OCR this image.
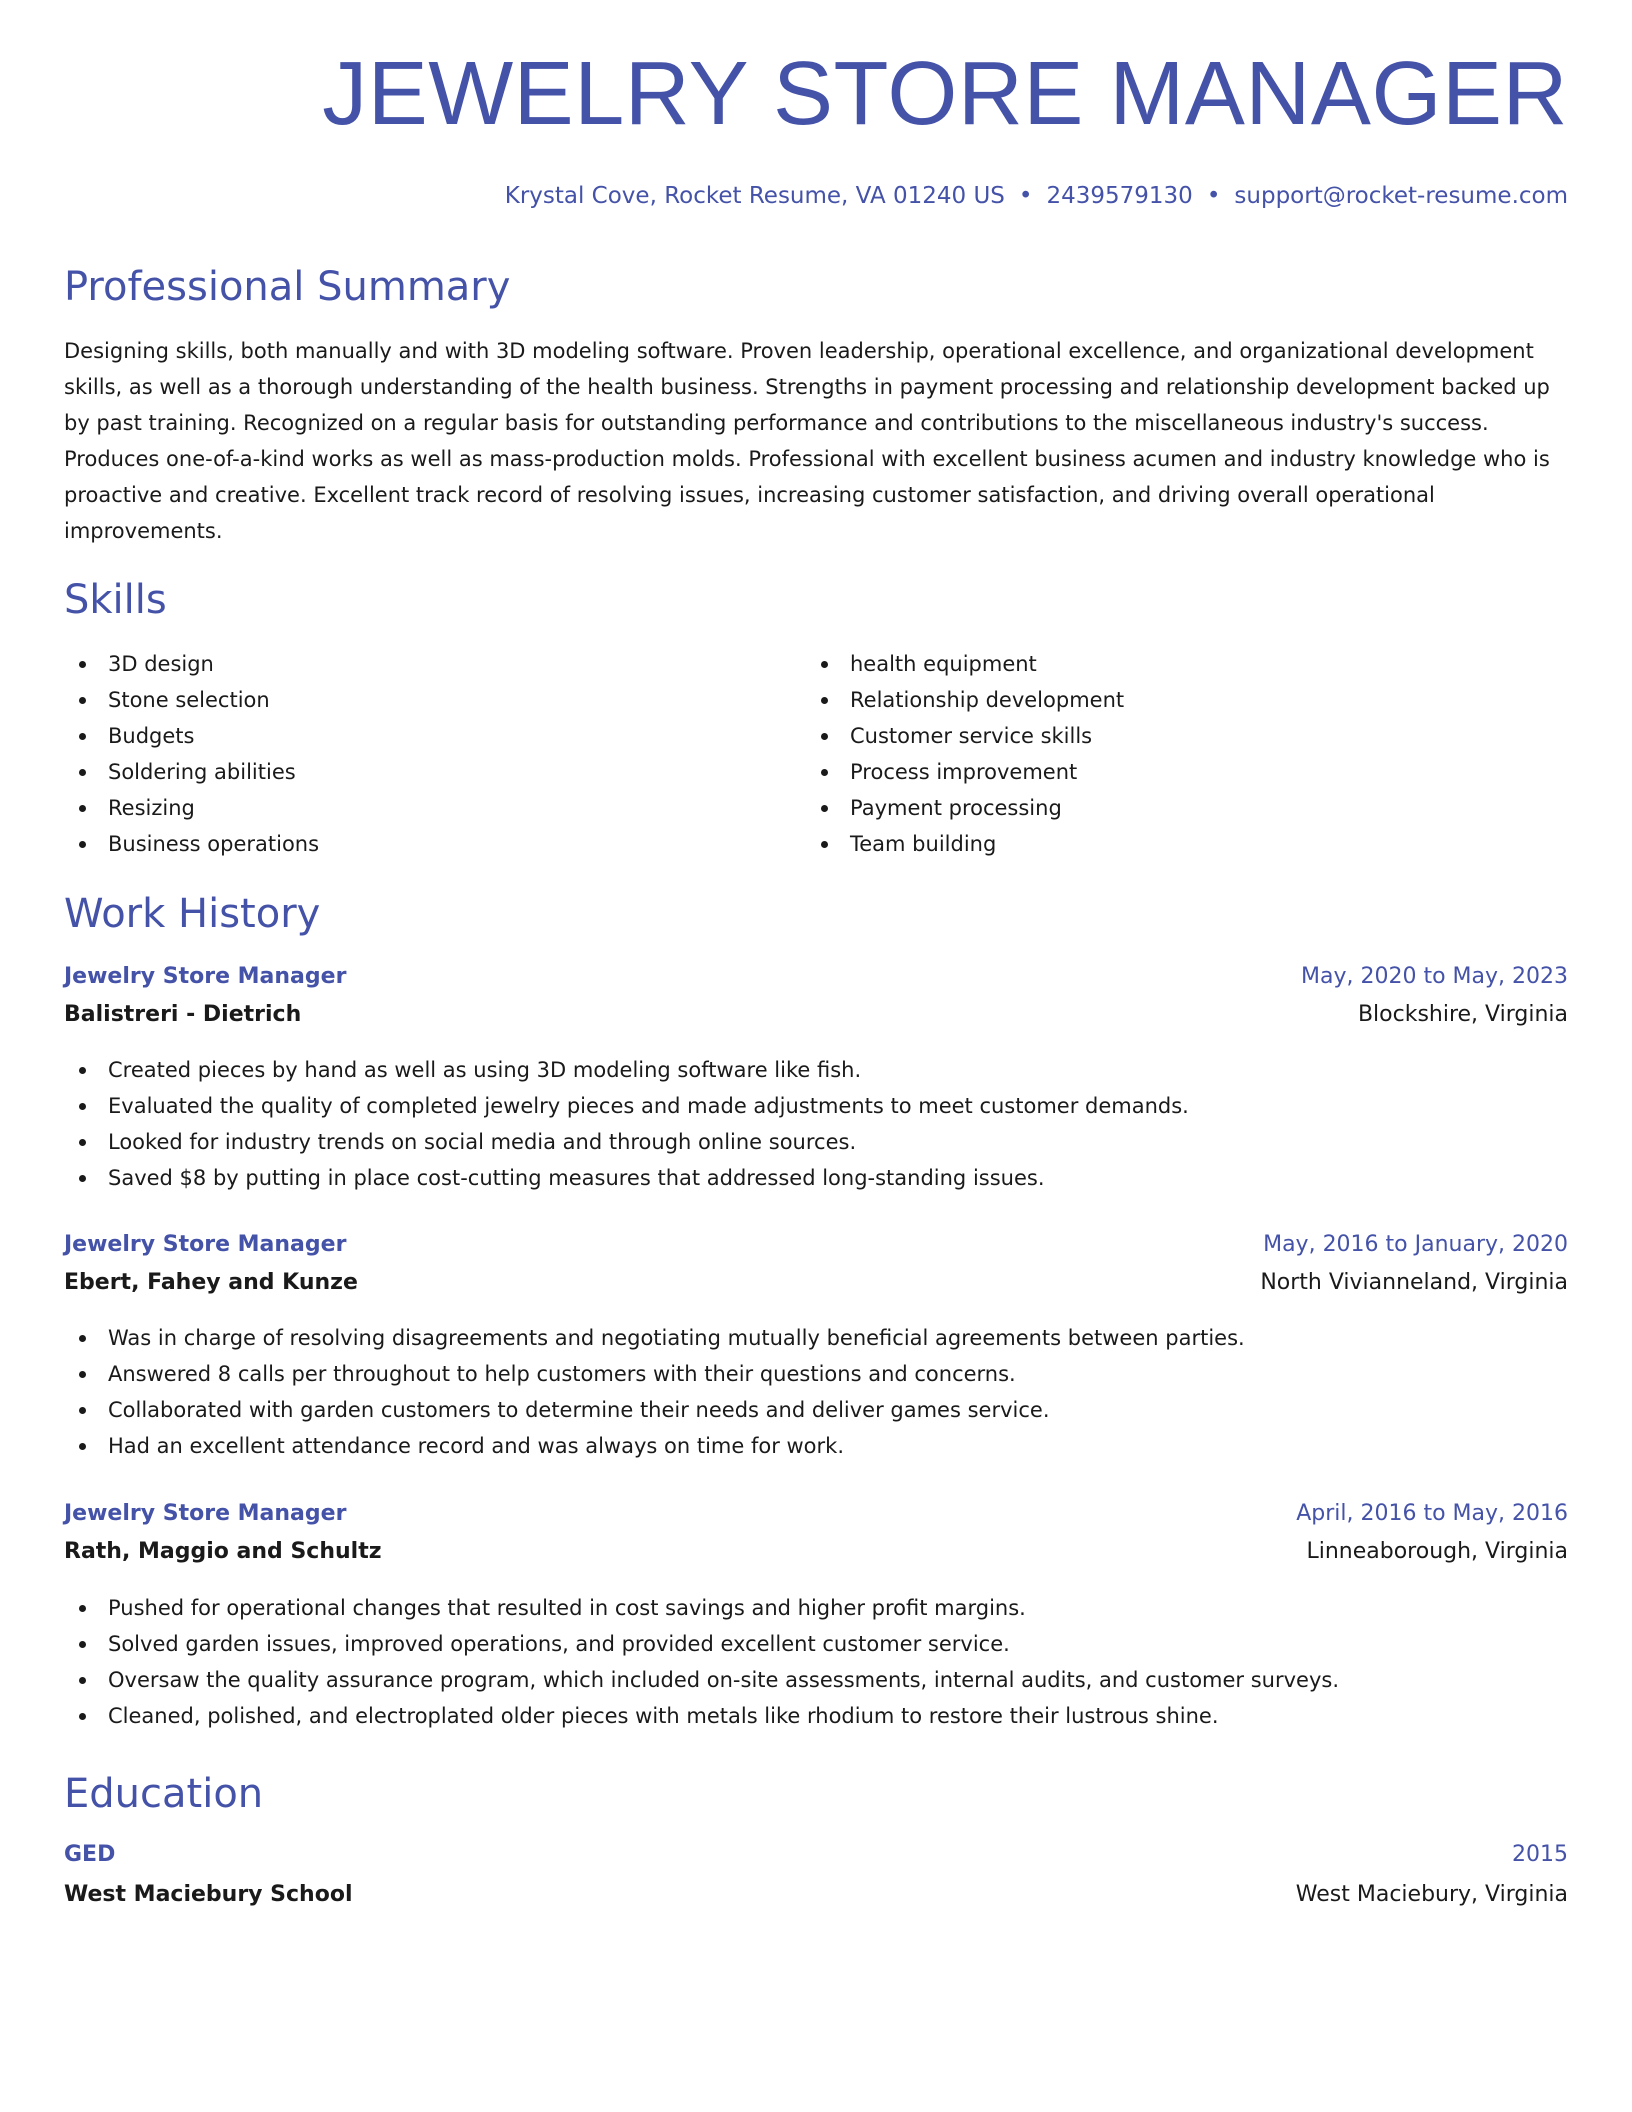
JEWELRY STORE MANAGER
Krystal Cove, Rocket Resume, VA 01240 US • 2439579130 • support@rocket-resume.com
Professional Summary

Designing skills, both manually and with 3D modeling software. Proven leadership, operational excellence, and organizational development skills, as well as a thorough understanding of the health business. Strengths in payment processing and relationship development backed up by past training. Recognized on a regular basis for outstanding performance and contributions to the miscellaneous industry's success. Produces one-of-a-kind works as well as mass-production molds. Professional with excellent business acumen and industry knowledge who is proactive and creative. Excellent track record of resolving issues, increasing customer satisfaction, and driving overall operational improvements.

Skills
3D design
Stone selection
Budgets
Soldering abilities
Resizing
Business operations
health equipment
Relationship development
Customer service skills
Process improvement
Payment processing
Team building
Work History
Jewelry Store Manager	May, 2020 to May, 2023
Balistreri - Dietrich	Blockshire, Virginia
Created pieces by hand as well as using 3D modeling software like fish.
Evaluated the quality of completed jewelry pieces and made adjustments to meet customer demands.
Looked for industry trends on social media and through online sources.
Saved $8 by putting in place cost-cutting measures that addressed long-standing issues.
Jewelry Store Manager	May, 2016 to January, 2020
Ebert, Fahey and Kunze	North Vivianneland, Virginia
Was in charge of resolving disagreements and negotiating mutually beneficial agreements between parties.
Answered 8 calls per throughout to help customers with their questions and concerns.
Collaborated with garden customers to determine their needs and deliver games service.
Had an excellent attendance record and was always on time for work.
Jewelry Store Manager	April, 2016 to May, 2016
Rath, Maggio and Schultz	Linneaborough, Virginia
Pushed for operational changes that resulted in cost savings and higher profit margins.
Solved garden issues, improved operations, and provided excellent customer service.
Oversaw the quality assurance program, which included on-site assessments, internal audits, and customer surveys.
Cleaned, polished, and electroplated older pieces with metals like rhodium to restore their lustrous shine.
Education
GED	2015
West Maciebury School	West Maciebury, Virginia
